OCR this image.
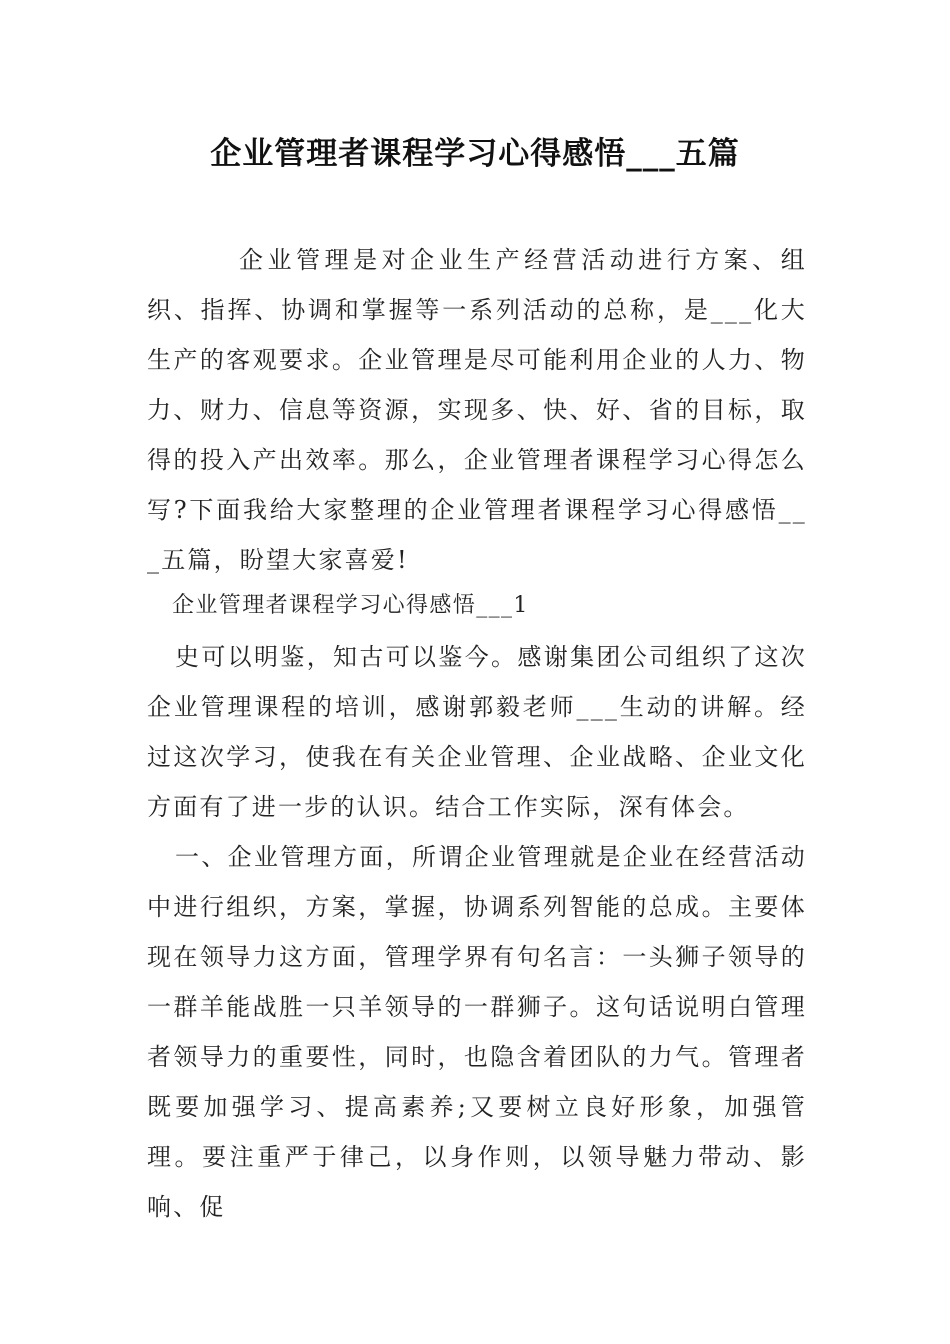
企业管理者课程学习心得感悟___五篇

企业管理是对企业生产经营活动进行方案、组织、指挥、协调和掌握等一系列活动的总称，是___化大生产的客观要求。企业管理是尽可能利用企业的人力、物力、财力、信息等资源，实现多、快、好、省的目标，取得的投入产出效率。那么，企业管理者课程学习心得怎么写?下面我给大家整理的企业管理者课程学习心得感悟___五篇，盼望大家喜爱!

企业管理者课程学习心得感悟___1

史可以明鉴，知古可以鉴今。感谢集团公司组织了这次企业管理课程的培训，感谢郭毅老师___生动的讲解。经过这次学习，使我在有关企业管理、企业战略、企业文化方面有了进一步的认识。结合工作实际，深有体会。

一、企业管理方面，所谓企业管理就是企业在经营活动中进行组织，方案，掌握，协调系列智能的总成。主要体现在领导力这方面，管理学界有句名言：一头狮子领导的一群羊能战胜一只羊领导的一群狮子。这句话说明白管理者领导力的重要性，同时，也隐含着团队的力气。管理者既要加强学习、提高素养;又要树立良好形象，加强管理。要注重严于律己，以身作则，以领导魅力带动、影响、促
